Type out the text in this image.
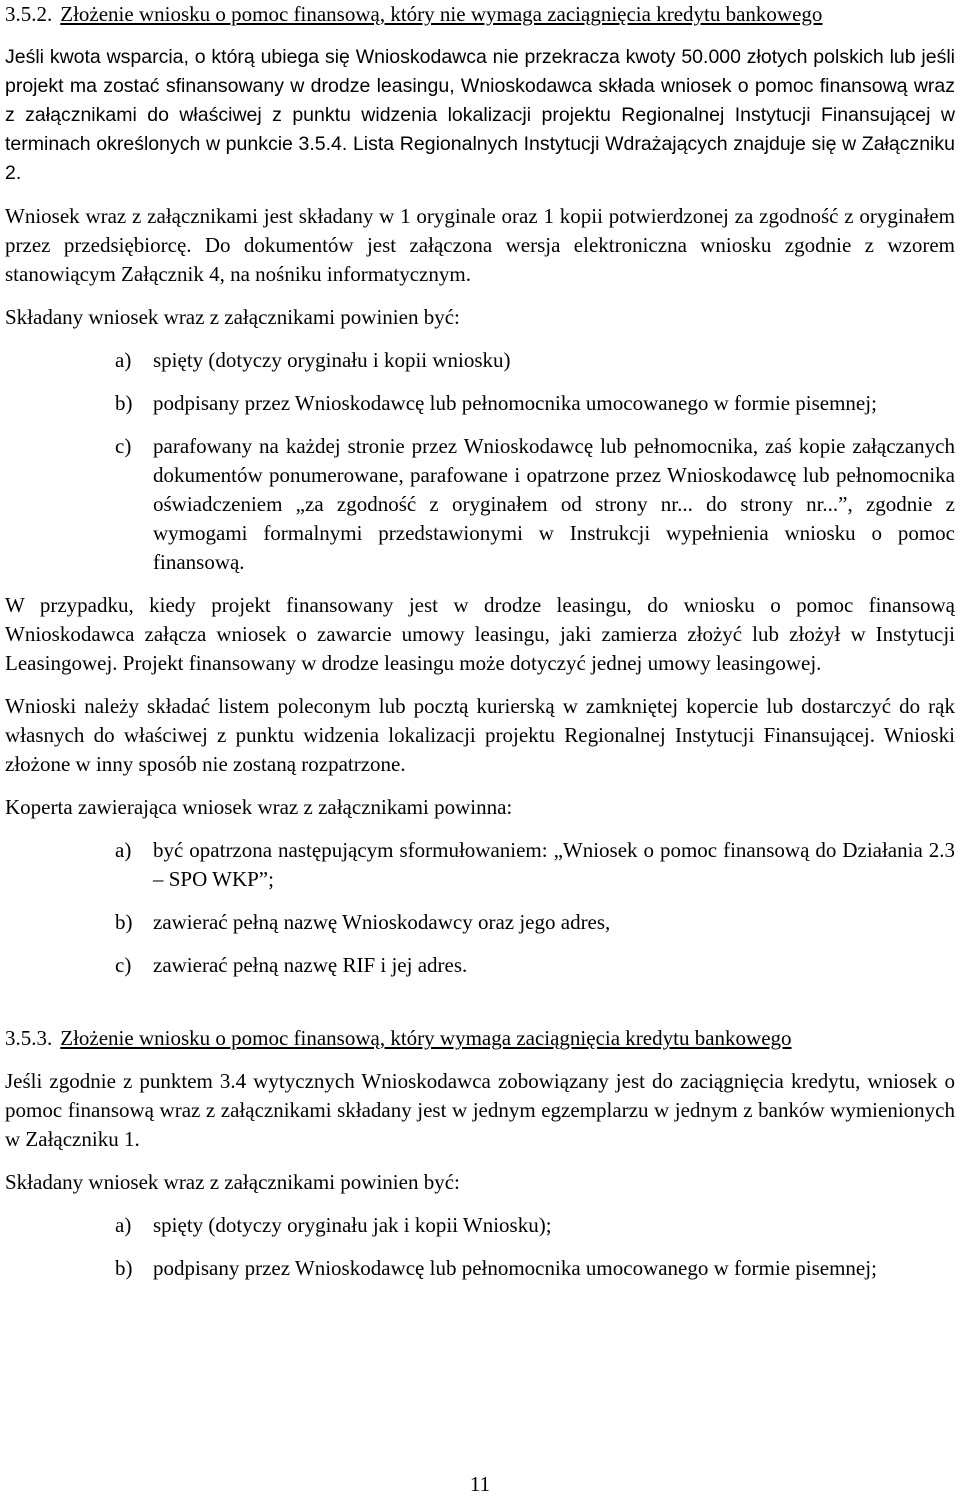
3.5.2. Złożenie wniosku o pomoc finansową, który nie wymaga zaciągnięcia kredytu bankowego

Jeśli kwota wsparcia, o którą ubiega się Wnioskodawca nie przekracza kwoty 50.000 złotych polskich lub jeśli projekt ma zostać sfinansowany w drodze leasingu, Wnioskodawca składa wniosek o pomoc finansową wraz z załącznikami do właściwej z punktu widzenia lokalizacji projektu Regionalnej Instytucji Finansującej w terminach określonych w punkcie 3.5.4. Lista Regionalnych Instytucji Wdrażających znajduje się w Załączniku 2.

Wniosek wraz z załącznikami jest składany w 1 oryginale oraz 1 kopii potwierdzonej za zgodność z oryginałem przez przedsiębiorcę. Do dokumentów jest załączona wersja elektroniczna wniosku zgodnie z wzorem stanowiącym Załącznik 4, na nośniku informatycznym.

Składany wniosek wraz z załącznikami powinien być:

a) spięty (dotyczy oryginału i kopii wniosku)
b) podpisany przez Wnioskodawcę lub pełnomocnika umocowanego w formie pisemnej;
c) parafowany na każdej stronie przez Wnioskodawcę lub pełnomocnika, zaś kopie załączanych dokumentów ponumerowane, parafowane i opatrzone przez Wnioskodawcę lub pełnomocnika oświadczeniem „za zgodność z oryginałem od strony nr... do strony nr...”, zgodnie z wymogami formalnymi przedstawionymi w Instrukcji wypełnienia wniosku o pomoc finansową.

W przypadku, kiedy projekt finansowany jest w drodze leasingu, do wniosku o pomoc finansową Wnioskodawca załącza wniosek o zawarcie umowy leasingu, jaki zamierza złożyć lub złożył w Instytucji Leasingowej. Projekt finansowany w drodze leasingu może dotyczyć jednej umowy leasingowej.

Wnioski należy składać listem poleconym lub pocztą kurierską w zamkniętej kopercie lub dostarczyć do rąk własnych do właściwej z punktu widzenia lokalizacji projektu Regionalnej Instytucji Finansującej. Wnioski złożone w inny sposób nie zostaną rozpatrzone.

Koperta zawierająca wniosek wraz z załącznikami powinna:

a) być opatrzona następującym sformułowaniem: „Wniosek o pomoc finansową do Działania 2.3 – SPO WKP”;
b) zawierać pełną nazwę Wnioskodawcy oraz jego adres,
c) zawierać pełną nazwę RIF i jej adres.

3.5.3. Złożenie wniosku o pomoc finansową, który wymaga zaciągnięcia kredytu bankowego

Jeśli zgodnie z punktem 3.4 wytycznych Wnioskodawca zobowiązany jest do zaciągnięcia kredytu, wniosek o pomoc finansową wraz z załącznikami składany jest w jednym egzemplarzu w jednym z banków wymienionych w Załączniku 1.

Składany wniosek wraz z załącznikami powinien być:

a) spięty (dotyczy oryginału jak i kopii Wniosku);
b) podpisany przez Wnioskodawcę lub pełnomocnika umocowanego w formie pisemnej;
11
